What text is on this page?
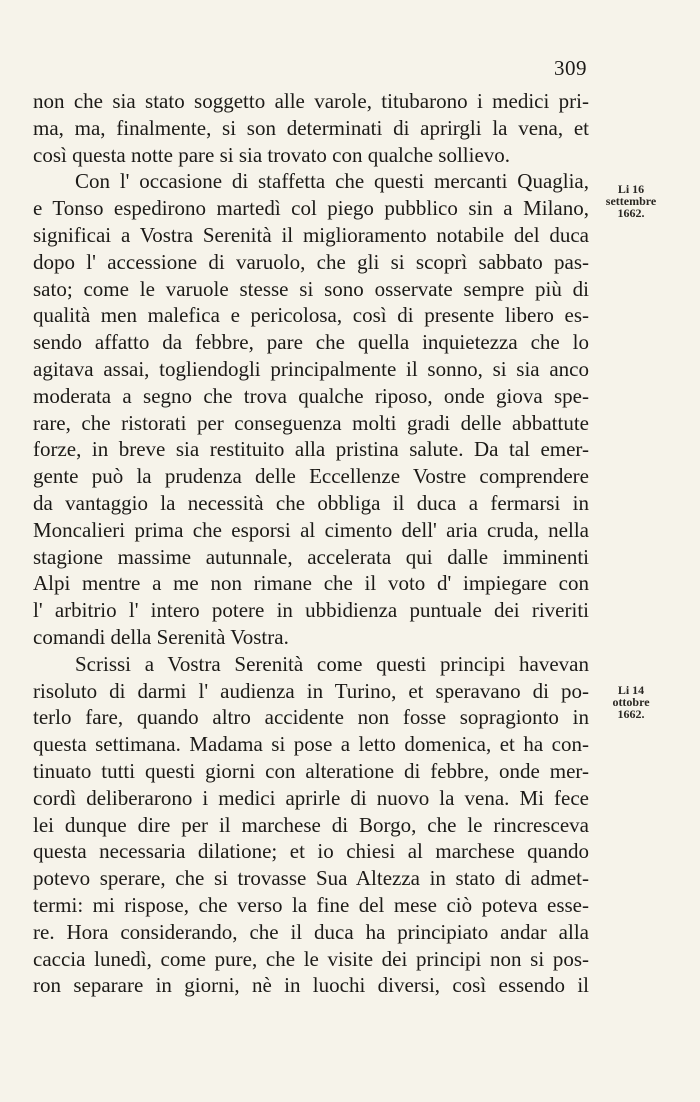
309
non che sia stato soggetto alle varole, titubarono i medici pri-
ma, ma, finalmente, si son determinati di aprirgli la vena, et
così questa notte pare si sia trovato con qualche sollievo.
Con l' occasione di staffetta che questi mercanti Quaglia,
e Tonso espedirono martedì col piego pubblico sin a Milano,
significai a Vostra Serenità il miglioramento notabile del duca
dopo l' accessione di varuolo, che gli si scoprì sabbato pas-
sato; come le varuole stesse si sono osservate sempre più di
qualità men malefica e pericolosa, così di presente libero es-
sendo affatto da febbre, pare che quella inquietezza che lo
agitava assai, togliendogli principalmente il sonno, si sia anco
moderata a segno che trova qualche riposo, onde giova spe-
rare, che ristorati per conseguenza molti gradi delle abbattute
forze, in breve sia restituito alla pristina salute. Da tal emer-
gente può la prudenza delle Eccellenze Vostre comprendere
da vantaggio la necessità che obbliga il duca a fermarsi in
Moncalieri prima che esporsi al cimento dell' aria cruda, nella
stagione massime autunnale, accelerata qui dalle imminenti
Alpi mentre a me non rimane che il voto d' impiegare con
l' arbitrio l' intero potere in ubbidienza puntuale dei riveriti
comandi della Serenità Vostra.
Scrissi a Vostra Serenità come questi principi havevan
risoluto di darmi l' audienza in Turino, et speravano di po-
terlo fare, quando altro accidente non fosse sopragionto in
questa settimana. Madama si pose a letto domenica, et ha con-
tinuato tutti questi giorni con alteratione di febbre, onde mer-
cordì deliberarono i medici aprirle di nuovo la vena. Mi fece
lei dunque dire per il marchese di Borgo, che le rincresceva
questa necessaria dilatione; et io chiesi al marchese quando
potevo sperare, che si trovasse Sua Altezza in stato di admet-
termi: mi rispose, che verso la fine del mese ciò poteva esse-
re. Hora considerando, che il duca ha principiato andar alla
caccia lunedì, come pure, che le visite dei principi non si pos-
ron separare in giorni, nè in luochi diversi, così essendo il
Li 16
settembre
1662.
Li 14
ottobre
1662.
